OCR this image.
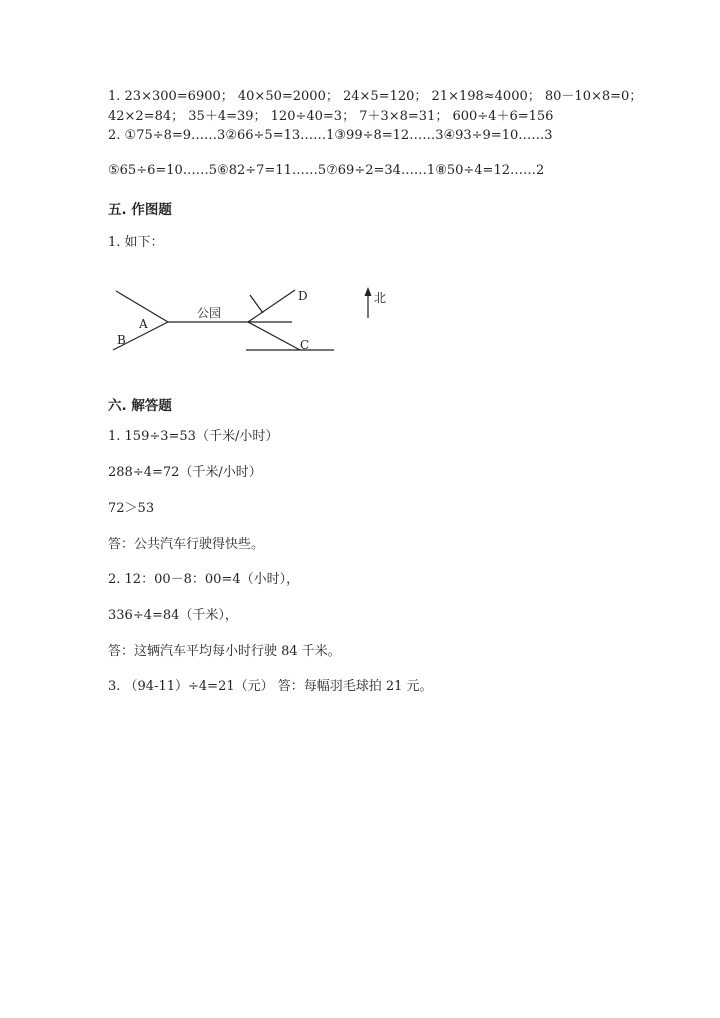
1. 23×300=6900； 40×50=2000； 24×5=120； 21×198≈4000； 80－10×8=0；
42×2=84； 35＋4=39； 120÷40=3； 7＋3×8=31； 600÷4＋6=156
2. ①75÷8=9……3②66÷5=13……1③99÷8=12……3④93÷9=10……3
⑤65÷6=10……5⑥82÷7=11……5⑦69÷2=34……1⑧50÷4=12……2
五. 作图题
1. 如下：
公园
A
B
D
C
北
六. 解答题
1. 159÷3=53（千米/小时）
288÷4=72（千米/小时）
72＞53
答：公共汽车行驶得快些。
2. 12：00－8：00=4（小时），
336÷4=84（千米），
答：这辆汽车平均每小时行驶 84 千米。
3. （94-11）÷4=21（元） 答：每幅羽毛球拍 21 元。
